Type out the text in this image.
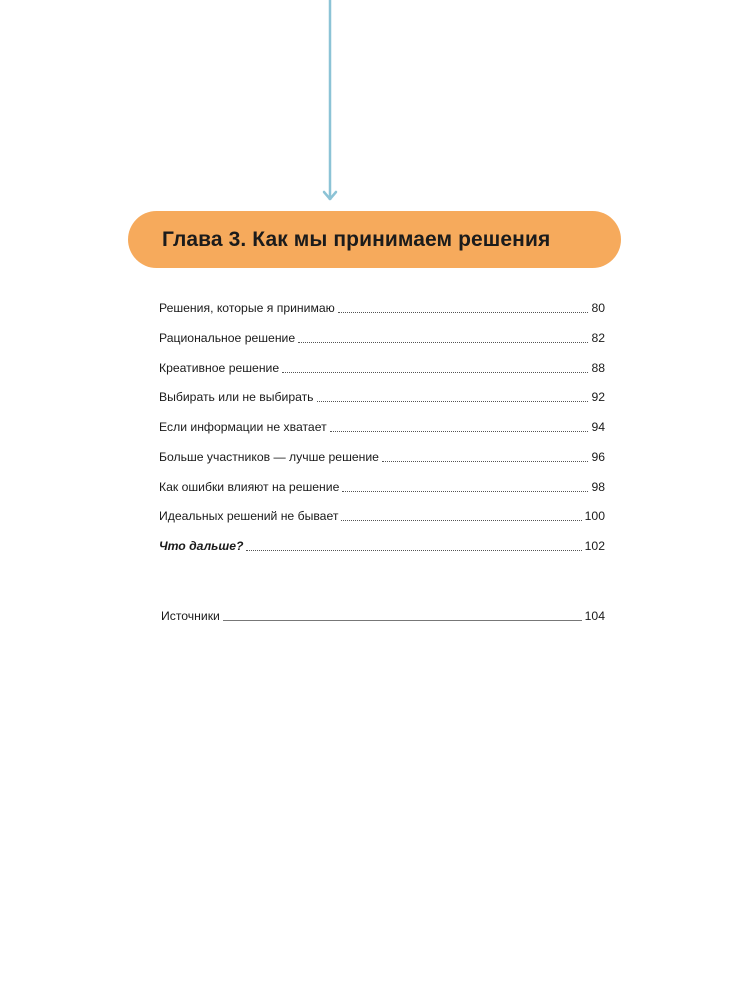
Глава 3. Как мы принимаем решения
Решения, которые я принимаю	80
Рациональное решение	82
Креативное решение	88
Выбирать или не выбирать	92
Если информации не хватает	94
Больше участников — лучше решение	96
Как ошибки влияют на решение	98
Идеальных решений не бывает	100
Что дальше?	102
Источники	104
